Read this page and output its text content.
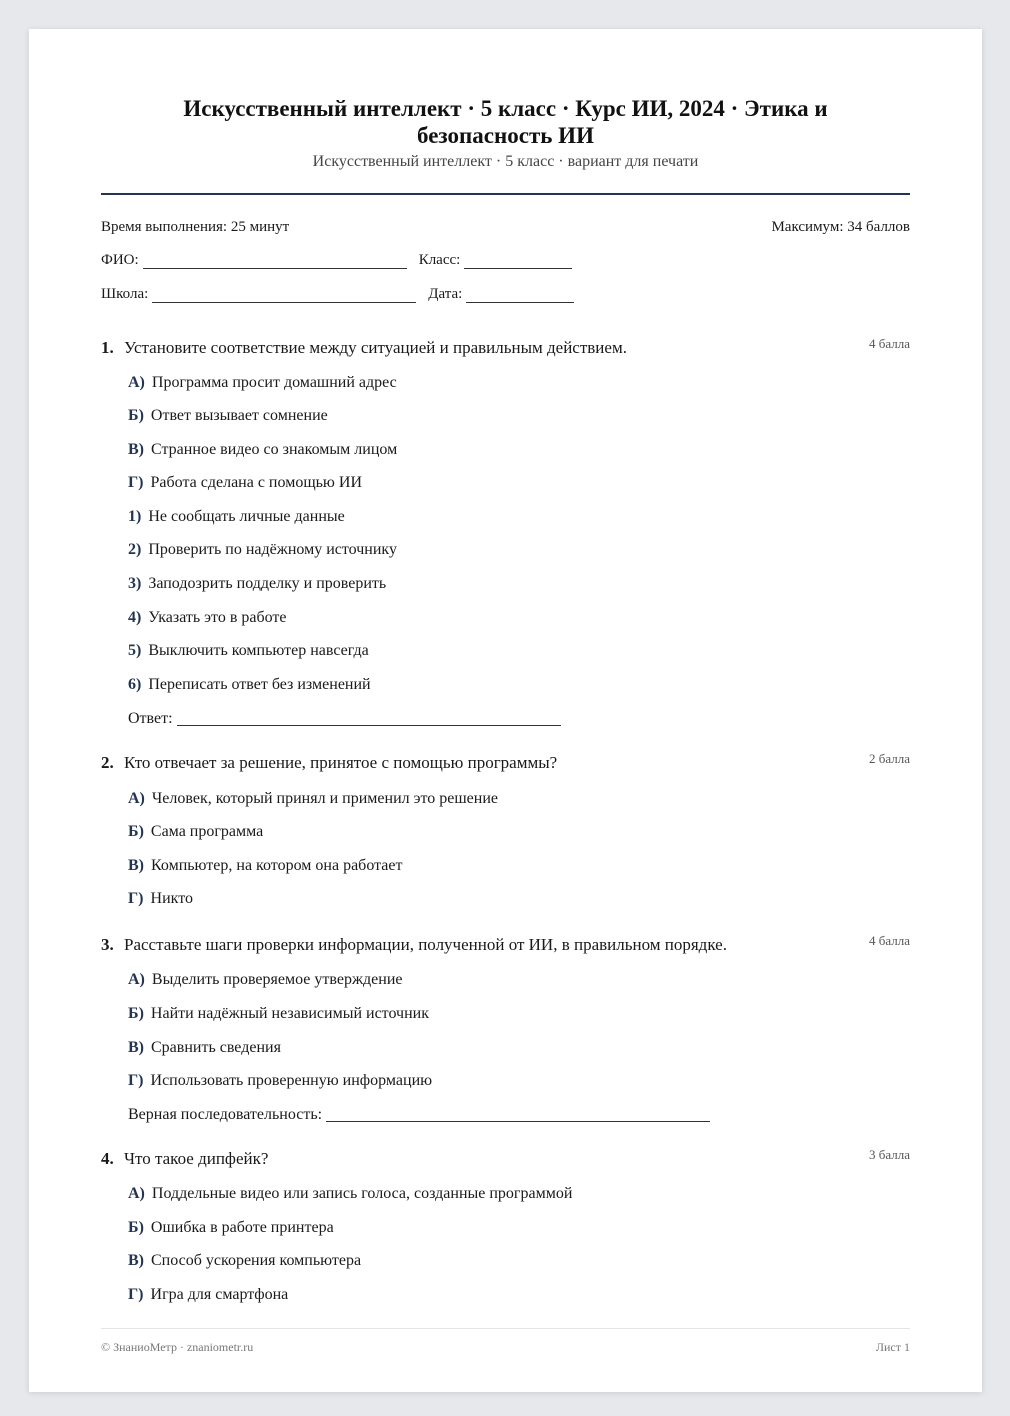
Искусственный интеллект · 5 класс · Курс ИИ, 2024 · Этика и безопасность ИИ
Искусственный интеллект · 5 класс · вариант для печати
Время выполнения: 25 минут	Максимум: 34 баллов
ФИО:	Класс:
Школа:	Дата:
1. Установите соответствие между ситуацией и правильным действием.	4 балла
А) Программа просит домашний адрес
Б) Ответ вызывает сомнение
В) Странное видео со знакомым лицом
Г) Работа сделана с помощью ИИ
1) Не сообщать личные данные
2) Проверить по надёжному источнику
3) Заподозрить подделку и проверить
4) Указать это в работе
5) Выключить компьютер навсегда
6) Переписать ответ без изменений
Ответ:
2. Кто отвечает за решение, принятое с помощью программы?	2 балла
А) Человек, который принял и применил это решение
Б) Сама программа
В) Компьютер, на котором она работает
Г) Никто
3. Расставьте шаги проверки информации, полученной от ИИ, в правильном порядке.	4 балла
А) Выделить проверяемое утверждение
Б) Найти надёжный независимый источник
В) Сравнить сведения
Г) Использовать проверенную информацию
Верная последовательность:
4. Что такое дипфейк?	3 балла
А) Поддельные видео или запись голоса, созданные программой
Б) Ошибка в работе принтера
В) Способ ускорения компьютера
Г) Игра для смартфона
© ЗнаниоМетр · znaniometr.ru	Лист 1
